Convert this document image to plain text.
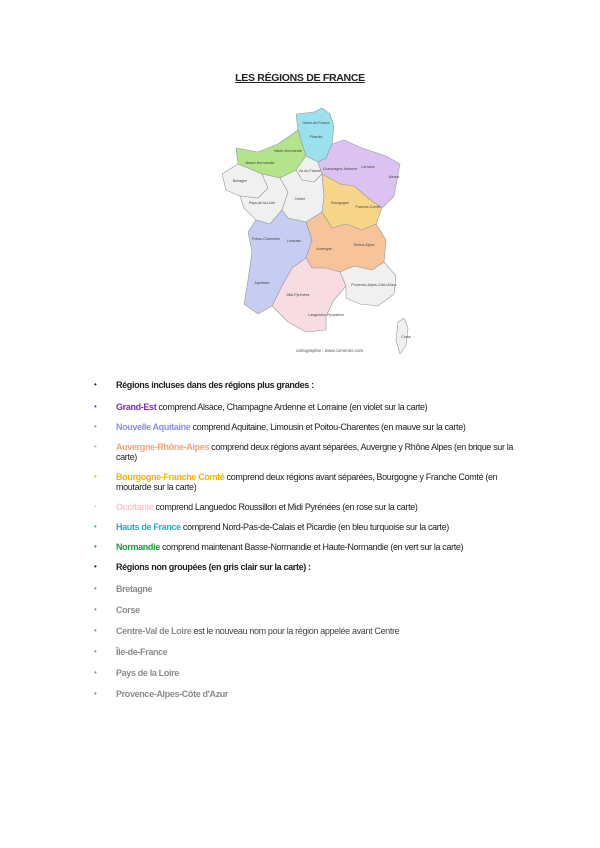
LES RÉGIONS DE FRANCE
Hauts-de-France
Picardie
Haute-Normandie
Basse-Normandie
Bretagne
Ile-de-France Champagne-Ardenne Lorraine
Alsace
Pays-de-la-Loire
Centre
Bourgogne
Franche-Comté
Poitou-Charentes Limousin
Auvergne
Rhône-Alpes
Aquitaine
Midi-Pyrénées
Languedoc-Roussillon
Provence-Alpes-Côte-d'Azur
Corse
cartographie : www.comersis.com
•	Régions incluses dans des régions plus grandes :
•	Grand-Est comprend Alsace, Champagne Ardenne et Lorraine (en violet sur la carte)
•	Nouvelle Aquitaine comprend Aquitaine, Limousin et Poitou-Charentes (en mauve sur la carte)
•	Auvergne-Rhône-Alpes comprend deux régions avant séparées, Auvergne y Rhône Alpes (en brique sur la carte)
•	Bourgogne-Franche Comté comprend deux régions avant séparées, Bourgogne y Franche Comté (en moutarde sur la carte)
•	Occitanie comprend Languedoc Roussillon et Midi Pyrénées (en rose sur la carte)
•	Hauts de France comprend Nord-Pas-de-Calais et Picardie (en bleu turquoise sur la carte)
•	Normandie comprend maintenant Basse-Normandie et Haute-Normandie (en vert sur la carte)
•	Régions non groupées (en gris clair sur la carte) :
•	Bretagne
•	Corse
•	Centre-Val de Loire est le nouveau nom pour la région appelée avant Centre
•	Île-de-France
•	Pays de la Loire
•	Provence-Alpes-Côte d'Azur
